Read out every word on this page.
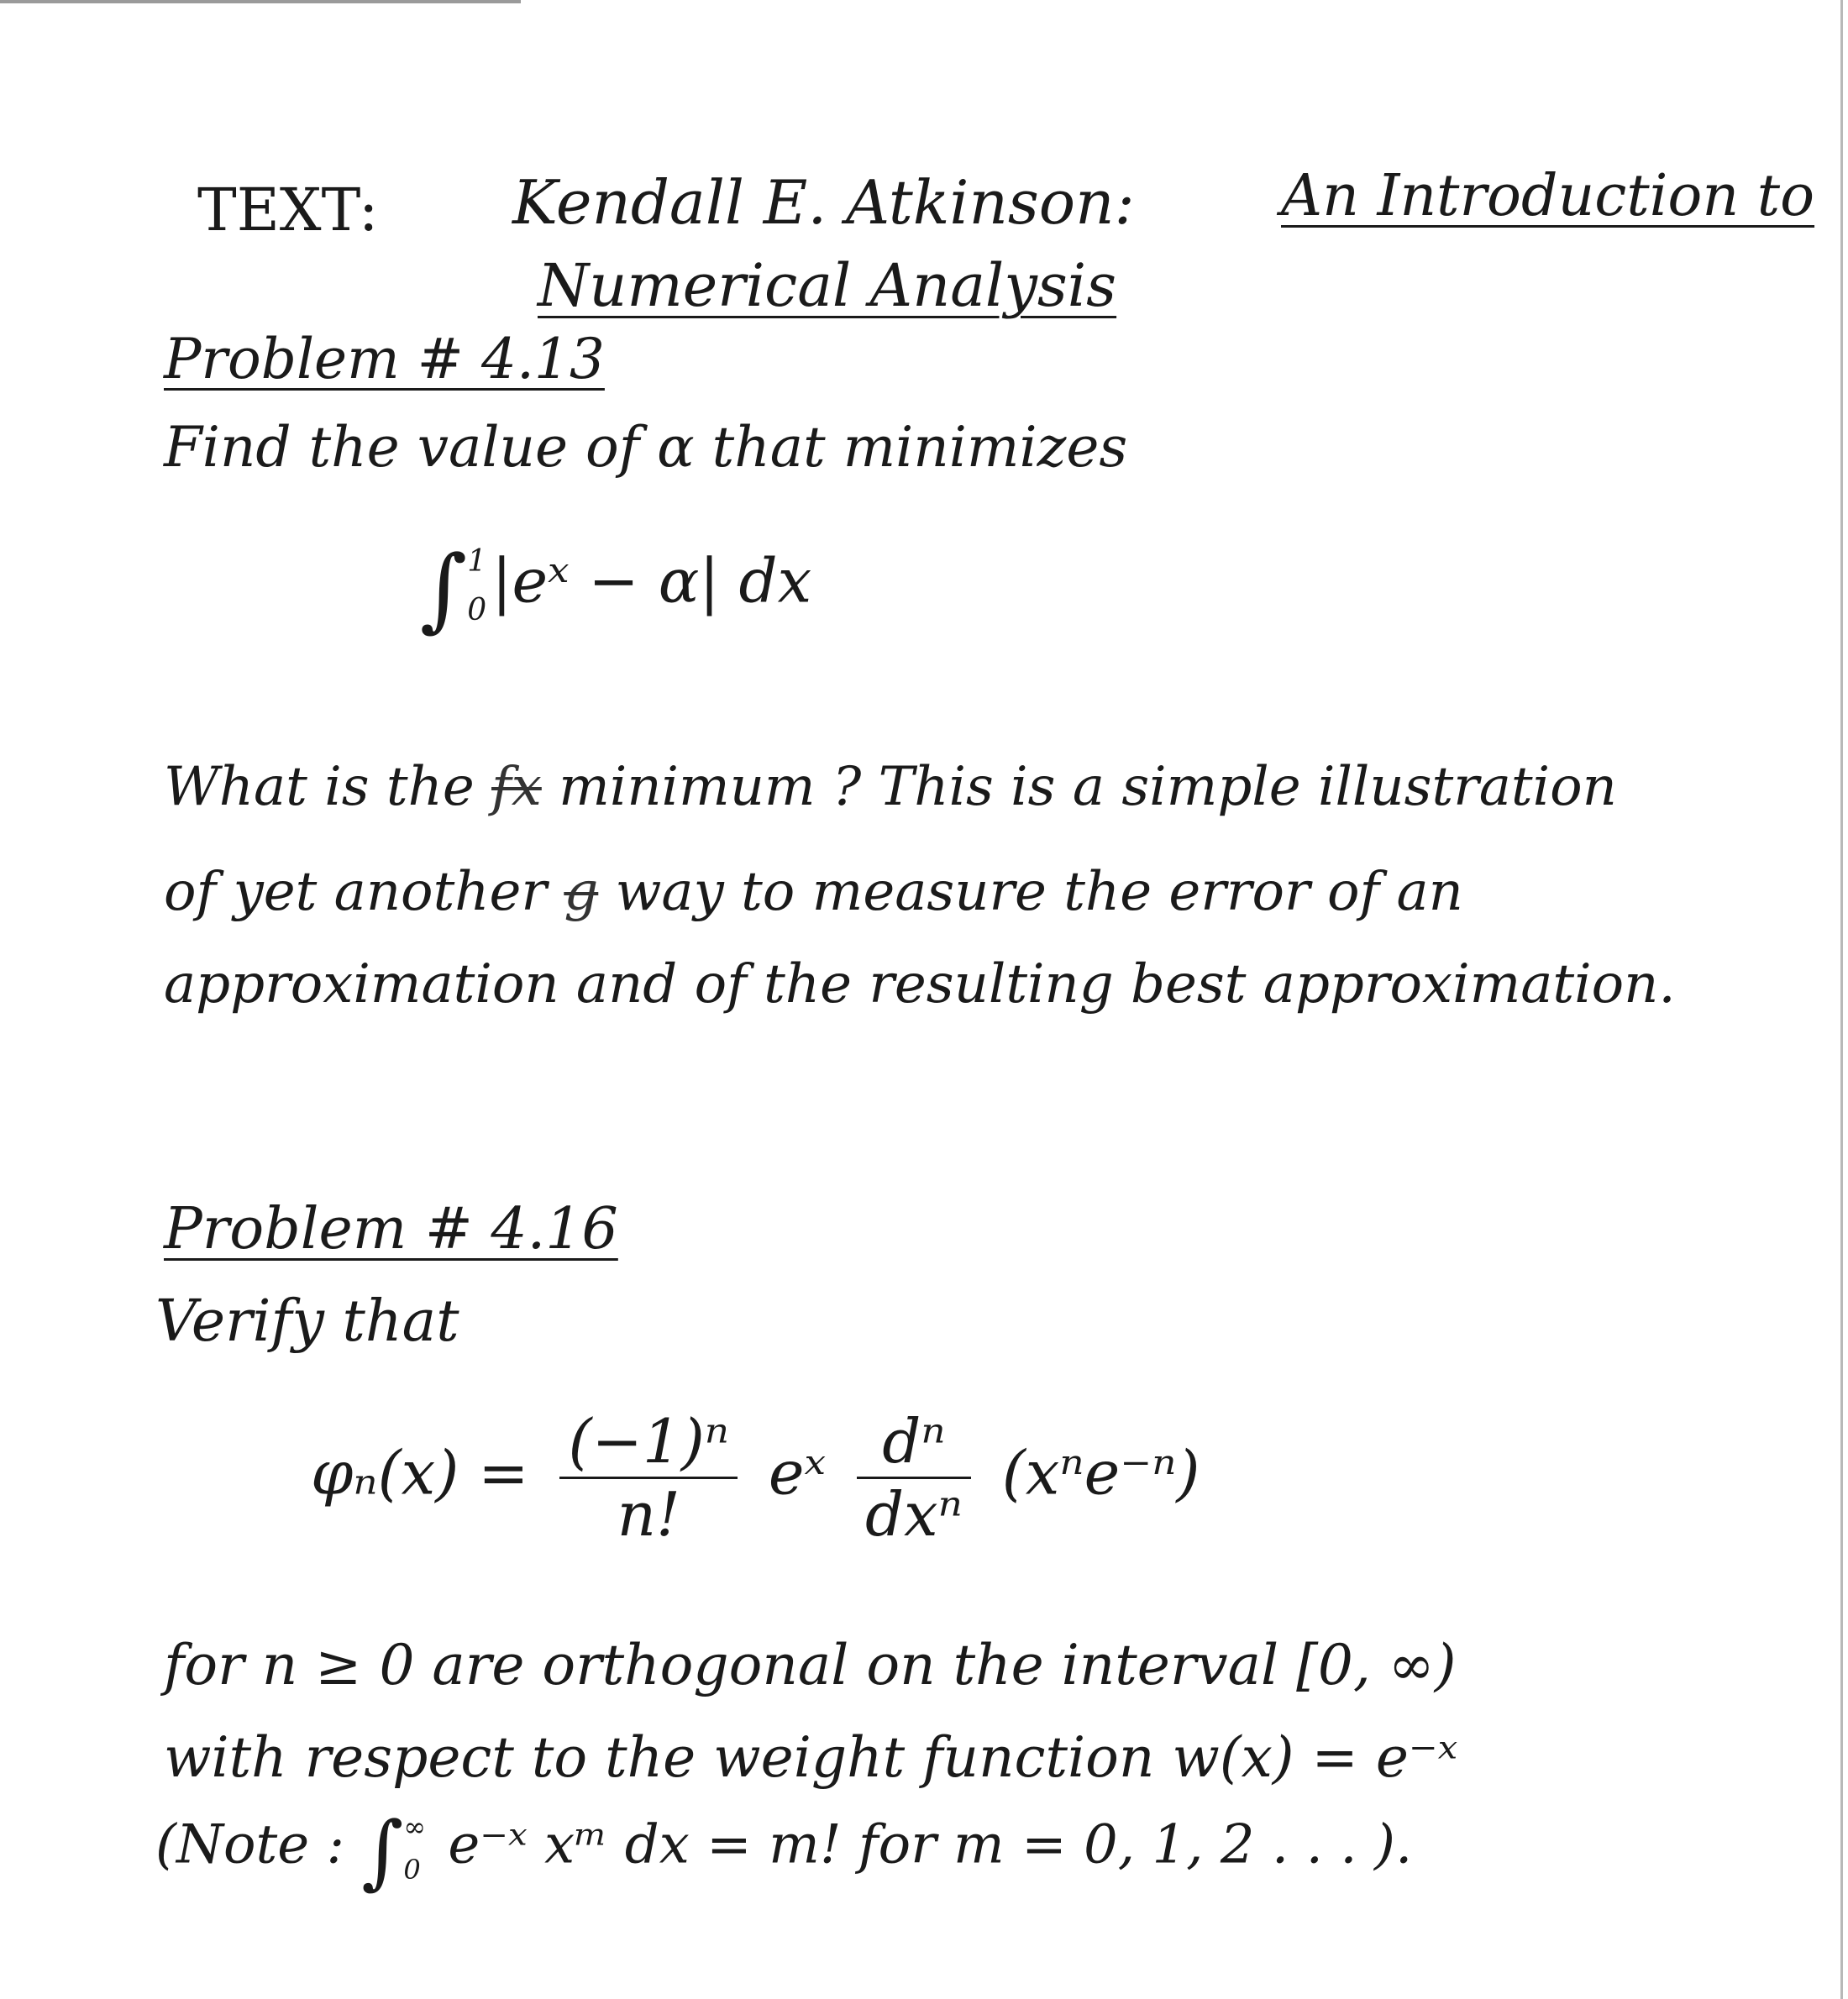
TEXT: Kendall E. Atkinson:	An Introduction to
Numerical Analysis
Problem # 4.13
Find the value of α that minimizes
∫ 1
0 |eˣ − α| dx
What is the fx minimum ? This is a simple illustration
of yet another g way to measure the error of an
approximation and of the resulting best approximation.
Problem # 4.16
Verify that
$\varphi_n(x) = \frac{\text{(−1)ⁿ}}{n!}$ eˣ $\frac{\text{dⁿ}}{\text{dxⁿ}} (x^ne^{-n})$
for n ≥ 0 are orthogonal on the interval [0, ∞)
with respect to the weight function w(x) = e⁻ˣ
(Note : ∫ ∞
0 e⁻ˣ xᵐ dx = m! for m = 0, 1, 2 . . . ).
